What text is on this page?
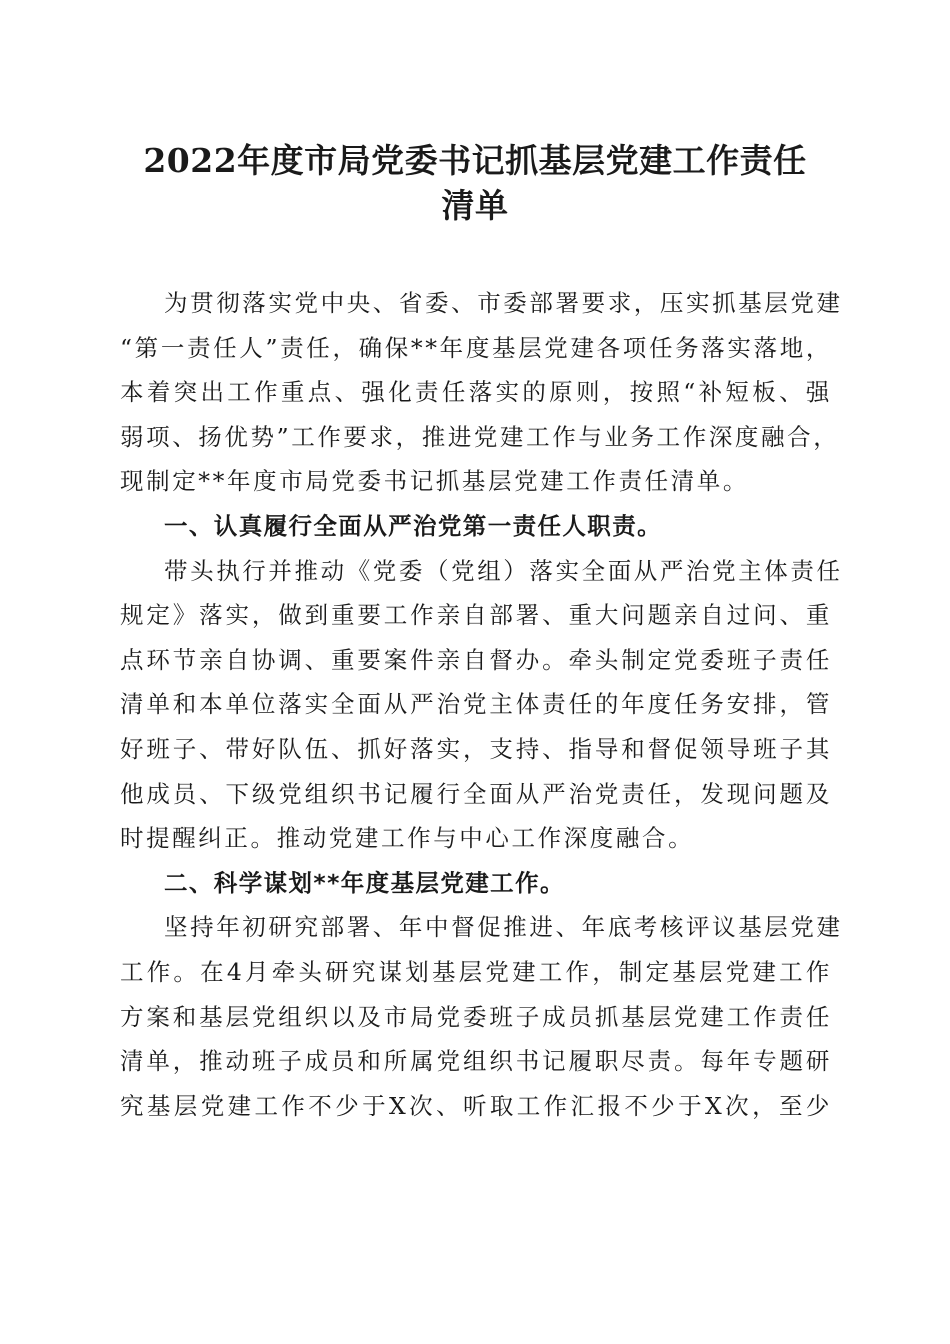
2022年度市局党委书记抓基层党建工作责任
清单
为贯彻落实党中央、省委、市委部署要求，压实抓基层党建
“第一责任人”责任，确保**年度基层党建各项任务落实落地，
本着突出工作重点、强化责任落实的原则，按照“补短板、强
弱项、扬优势”工作要求，推进党建工作与业务工作深度融合，
现制定**年度市局党委书记抓基层党建工作责任清单。
一、认真履行全面从严治党第一责任人职责。
带头执行并推动《党委（党组）落实全面从严治党主体责任
规定》落实，做到重要工作亲自部署、重大问题亲自过问、重
点环节亲自协调、重要案件亲自督办。牵头制定党委班子责任
清单和本单位落实全面从严治党主体责任的年度任务安排，管
好班子、带好队伍、抓好落实，支持、指导和督促领导班子其
他成员、下级党组织书记履行全面从严治党责任，发现问题及
时提醒纠正。推动党建工作与中心工作深度融合。
二、科学谋划**年度基层党建工作。
坚持年初研究部署、年中督促推进、年底考核评议基层党建
工作。在4月牵头研究谋划基层党建工作，制定基层党建工作
方案和基层党组织以及市局党委班子成员抓基层党建工作责任
清单，推动班子成员和所属党组织书记履职尽责。每年专题研
究基层党建工作不少于X次、听取工作汇报不少于X次，至少
